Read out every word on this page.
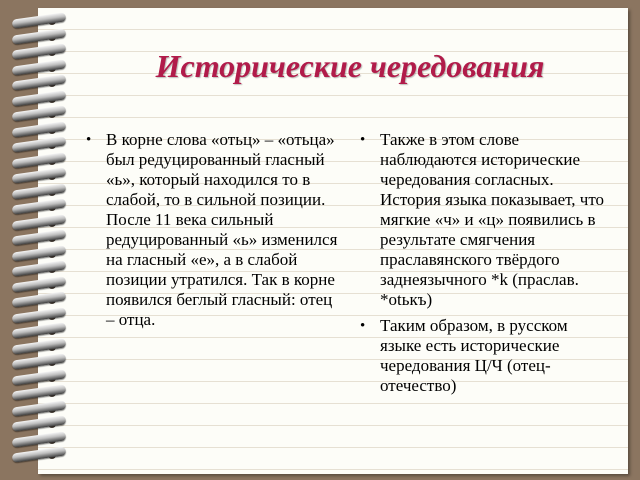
Исторические чередования
• В корне слова «отьц» – «отьца» был редуцированный гласный «ь», который находился то в слабой, то в сильной позиции. После 11 века сильный редуцированный «ь» изменился на гласный «е», а в слабой позиции утратился. Так в корне появился беглый гласный: отец – отца.
• Также в этом слове наблюдаются исторические чередования согласных. История языка показывает, что мягкие «ч» и «ц» появились в результате смягчения праславянского твёрдого заднеязычного *k (праслав. *otькъ)
• Таким образом, в русском языке есть исторические чередования Ц/Ч (отец-отечество)
